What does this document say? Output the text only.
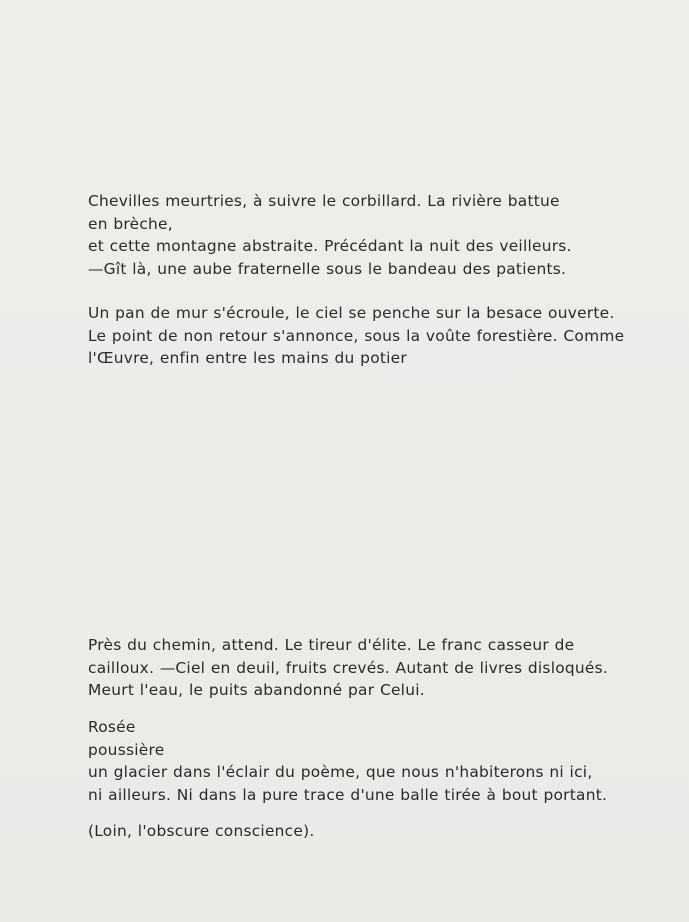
Chevilles meurtries, à suivre le corbillard. La rivière battue
en brèche,
et cette montagne abstraite. Précédant la nuit des veilleurs.
—Gît là, une aube fraternelle sous le bandeau des patients.

Un pan de mur s'écroule, le ciel se penche sur la besace ouverte.
Le point de non retour s'annonce, sous la voûte forestière. Comme
l'Œuvre, enfin entre les mains du potier

Près du chemin, attend. Le tireur d'élite. Le franc casseur de
cailloux. —Ciel en deuil, fruits crevés. Autant de livres disloqués.
Meurt l'eau, le puits abandonné par Celui.

Rosée
poussière
un glacier dans l'éclair du poème, que nous n'habiterons ni ici,
ni ailleurs. Ni dans la pure trace d'une balle tirée à bout portant.

(Loin, l'obscure conscience).
